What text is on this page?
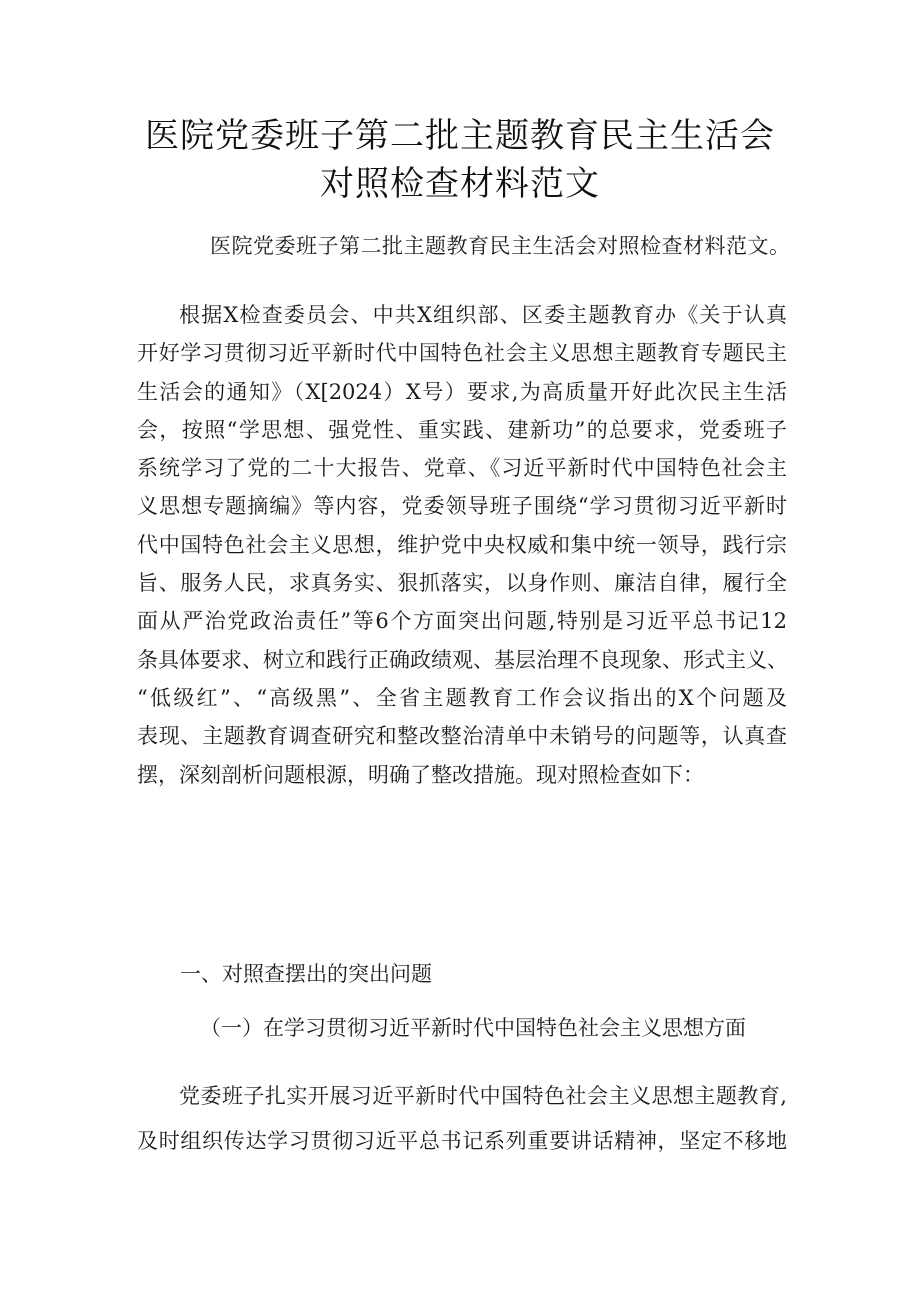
医院党委班子第二批主题教育民主生活会
对照检查材料范文
医院党委班子第二批主题教育民主生活会对照检查材料范文。
根据X检查委员会、中共X组织部、区委主题教育办《关于认真
开好学习贯彻习近平新时代中国特色社会主义思想主题教育专题民主
生活会的通知》（X[2024）X号）要求,为高质量开好此次民主生活
会，按照“学思想、强党性、重实践、建新功”的总要求，党委班子
系统学习了党的二十大报告、党章、《习近平新时代中国特色社会主
义思想专题摘编》等内容，党委领导班子围绕“学习贯彻习近平新时
代中国特色社会主义思想，维护党中央权威和集中统一领导，践行宗
旨、服务人民，求真务实、狠抓落实，以身作则、廉洁自律，履行全
面从严治党政治责任”等6个方面突出问题,特别是习近平总书记12
条具体要求、树立和践行正确政绩观、基层治理不良现象、形式主义、
“低级红”、“高级黑”、全省主题教育工作会议指出的X个问题及
表现、主题教育调查研究和整改整治清单中未销号的问题等，认真查
摆，深刻剖析问题根源，明确了整改措施。现对照检查如下：
一、对照查摆出的突出问题
（一）在学习贯彻习近平新时代中国特色社会主义思想方面
党委班子扎实开展习近平新时代中国特色社会主义思想主题教育,
及时组织传达学习贯彻习近平总书记系列重要讲话精神，坚定不移地
